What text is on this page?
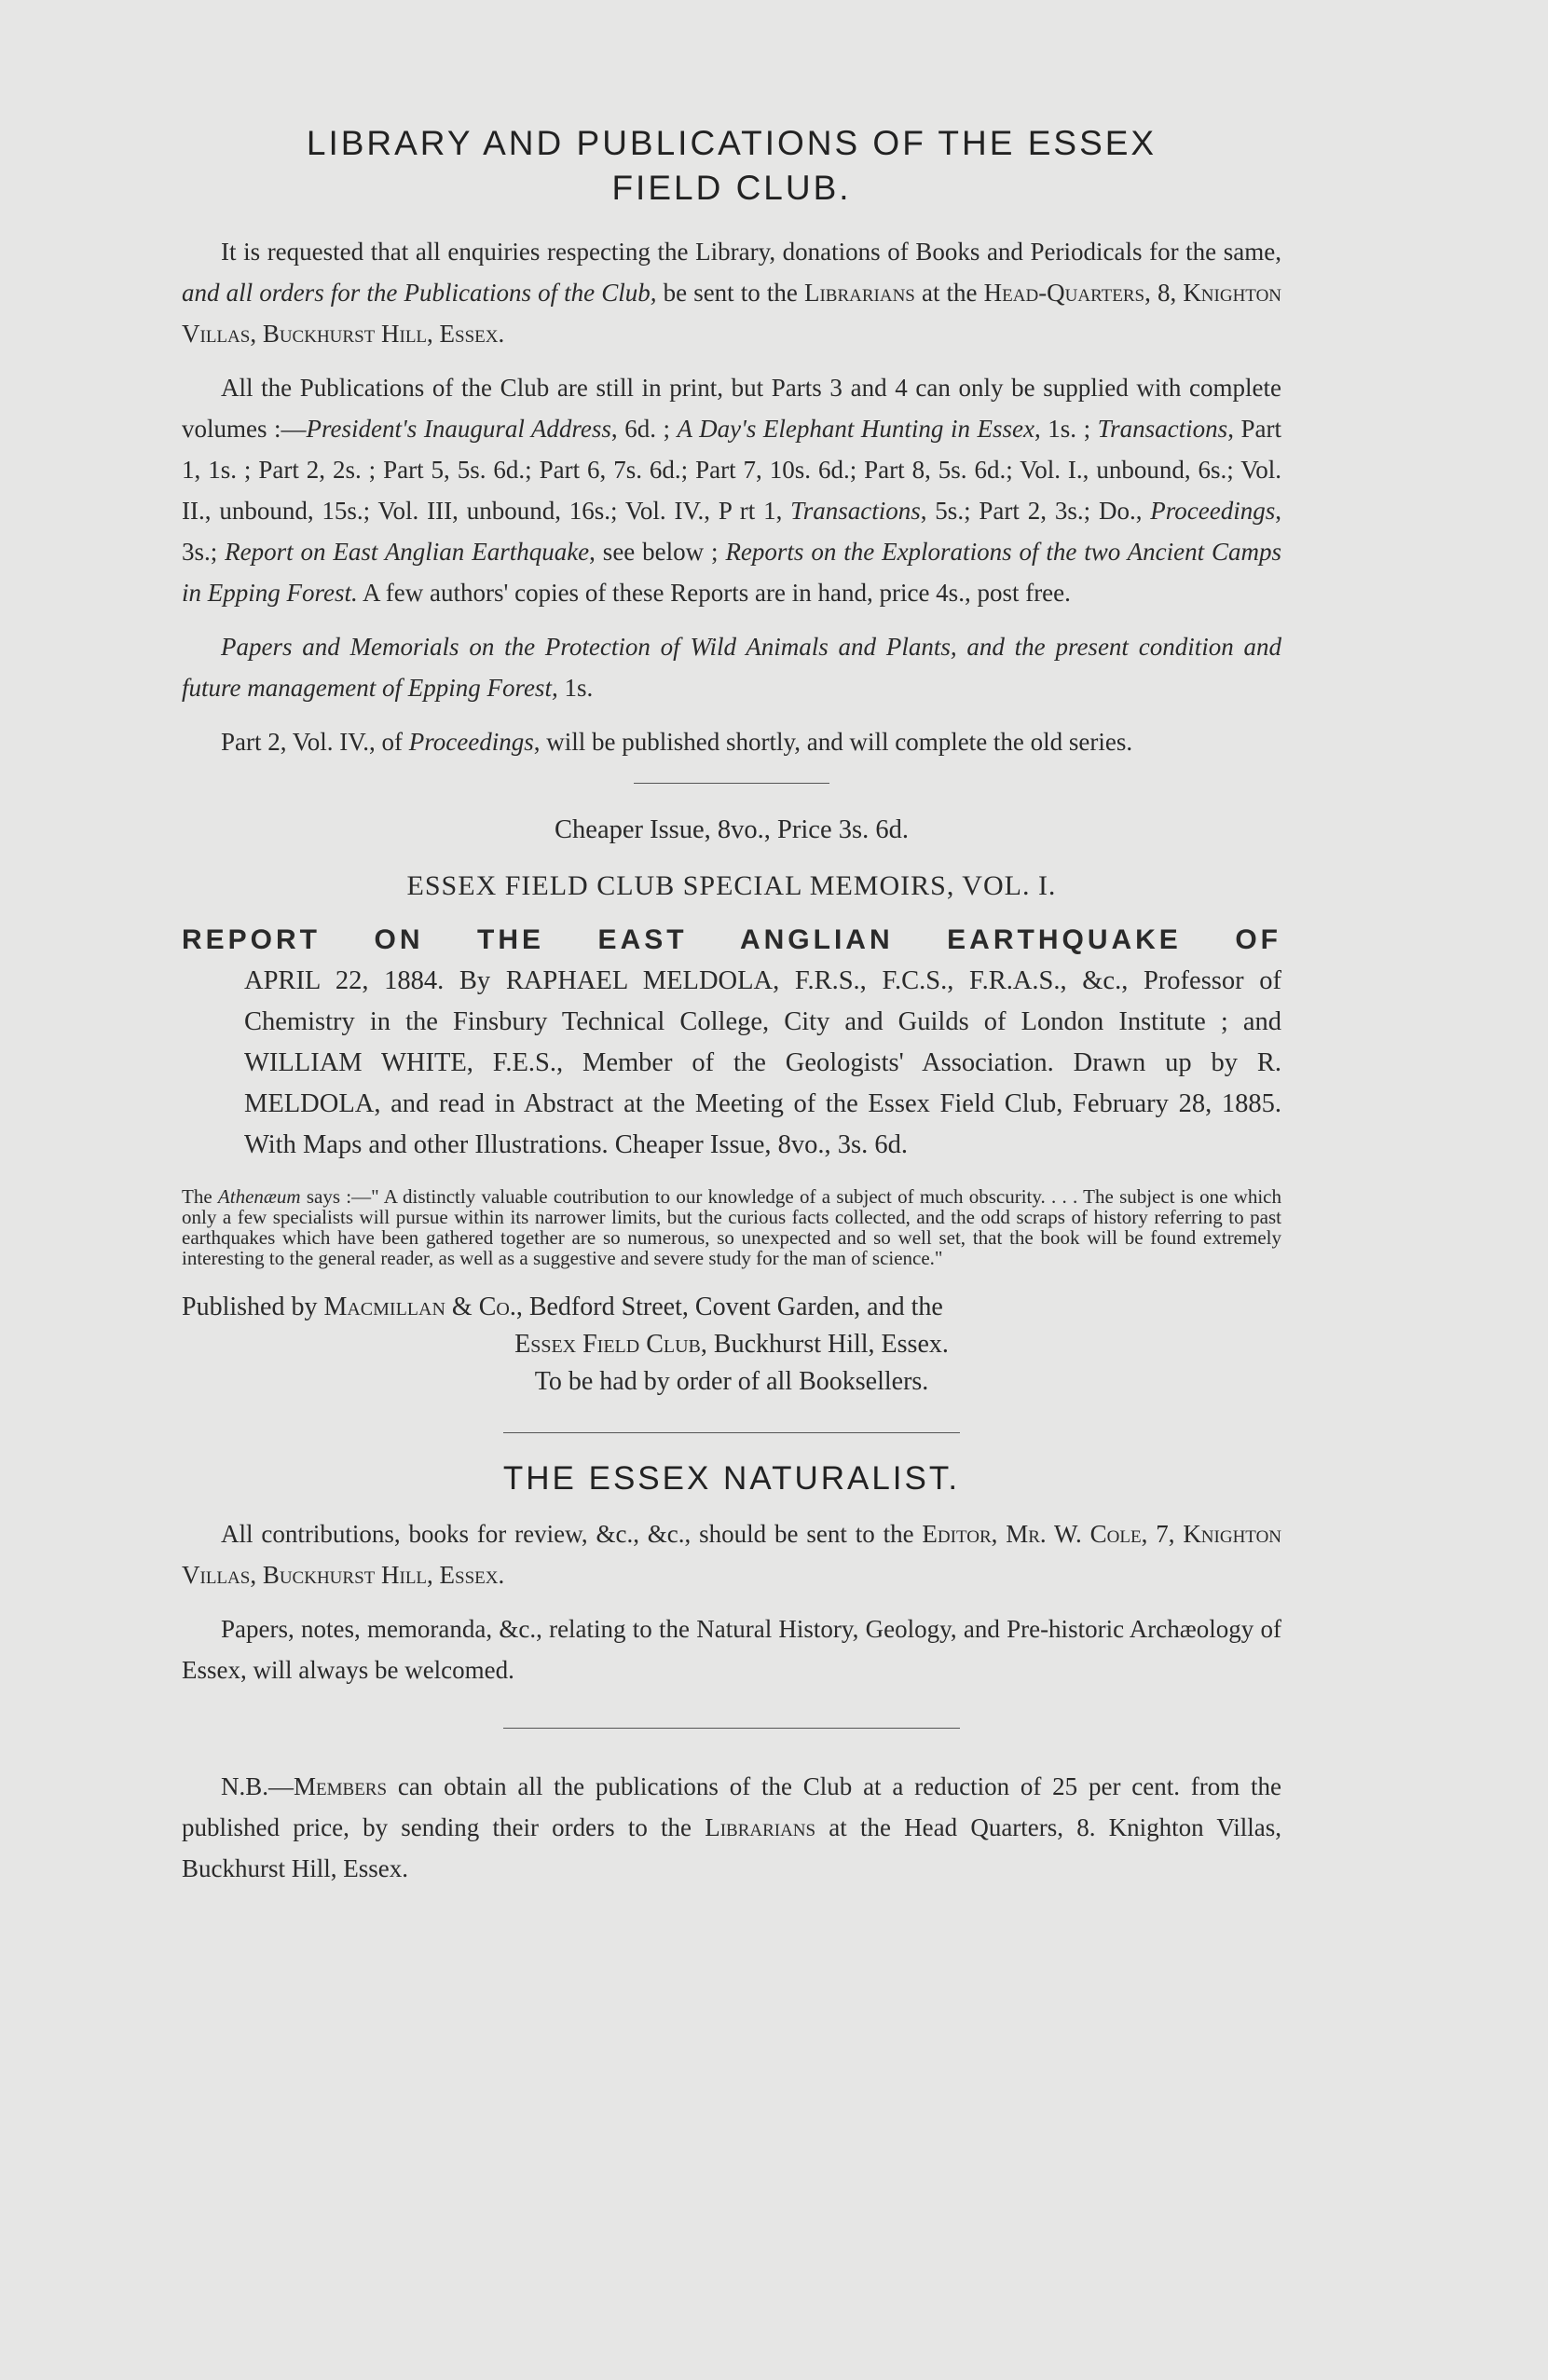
LIBRARY AND PUBLICATIONS OF THE ESSEX
FIELD CLUB.

It is requested that all enquiries respecting the Library, donations of Books and Periodicals for the same, and all orders for the Publications of the Club, be sent to the Librarians at the Head-Quarters, 8, Knighton Villas, Buckhurst Hill, Essex.

All the Publications of the Club are still in print, but Parts 3 and 4 can only be supplied with complete volumes :—President's Inaugural Address, 6d. ; A Day's Elephant Hunting in Essex, 1s. ; Transactions, Part 1, 1s. ; Part 2, 2s. ; Part 5, 5s. 6d.; Part 6, 7s. 6d.; Part 7, 10s. 6d.; Part 8, 5s. 6d.; Vol. I., unbound, 6s.; Vol. II., unbound, 15s.; Vol. III, unbound, 16s.; Vol. IV., P rt 1, Transactions, 5s.; Part 2, 3s.; Do., Proceedings, 3s.; Report on East Anglian Earthquake, see below ; Reports on the Explorations of the two Ancient Camps in Epping Forest. A few authors' copies of these Reports are in hand, price 4s., post free.

Papers and Memorials on the Protection of Wild Animals and Plants, and the present condition and future management of Epping Forest, 1s.

Part 2, Vol. IV., of Proceedings, will be published shortly, and will complete the old series.

Cheaper Issue, 8vo., Price 3s. 6d.

ESSEX FIELD CLUB SPECIAL MEMOIRS, VOL. I.

REPORT ON THE EAST ANGLIAN EARTHQUAKE OF

APRIL 22, 1884. By RAPHAEL MELDOLA, F.R.S., F.C.S., F.R.A.S., &c., Professor of Chemistry in the Finsbury Technical College, City and Guilds of London Institute ; and WILLIAM WHITE, F.E.S., Member of the Geologists' Association. Drawn up by R. MELDOLA, and read in Abstract at the Meeting of the Essex Field Club, February 28, 1885. With Maps and other Illustrations. Cheaper Issue, 8vo., 3s. 6d.

The Athenæum says :—" A distinctly valuable coutribution to our knowledge of a subject of much obscurity. . . . The subject is one which only a few specialists will pursue within its narrower limits, but the curious facts collected, and the odd scraps of history referring to past earthquakes which have been gathered together are so numerous, so unexpected and so well set, that the book will be found extremely interesting to the general reader, as well as a suggestive and severe study for the man of science."

Published by Macmillan & Co., Bedford Street, Covent Garden, and the

Essex Field Club, Buckhurst Hill, Essex.

To be had by order of all Booksellers.

THE ESSEX NATURALIST.

All contributions, books for review, &c., &c., should be sent to the Editor, Mr. W. Cole, 7, Knighton Villas, Buckhurst Hill, Essex.

Papers, notes, memoranda, &c., relating to the Natural History, Geology, and Pre-historic Archæology of Essex, will always be welcomed.

N.B.—Members can obtain all the publications of the Club at a reduction of 25 per cent. from the published price, by sending their orders to the Librarians at the Head Quarters, 8. Knighton Villas, Buckhurst Hill, Essex.
